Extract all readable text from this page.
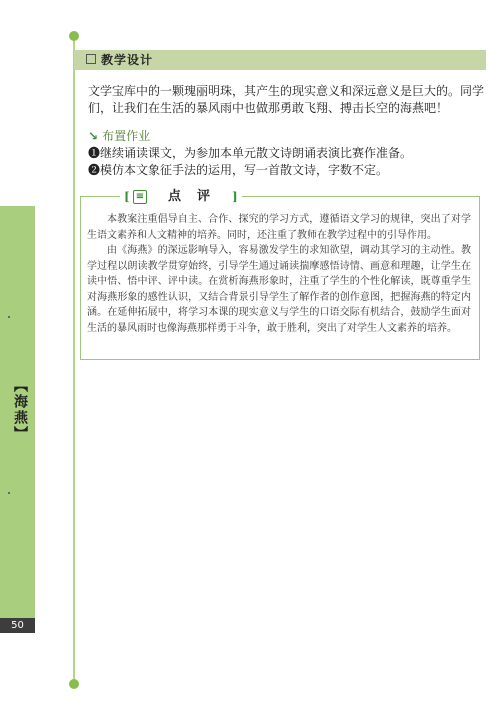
教学设计
文学宝库中的一颗瑰丽明珠，其产生的现实意义和深远意义是巨大的。同学们，让我们在生活的暴风雨中也做那勇敢飞翔、搏击长空的海燕吧！
↘ 布置作业
❶继续诵读课文，为参加本单元散文诗朗诵表演比赛作准备。
❷模仿本文象征手法的运用，写一首散文诗，字数不定。
[ ≡ 点评 ]

本教案注重倡导自主、合作、探究的学习方式，遵循语文学习的规律，突出了对学生语文素养和人文精神的培养。同时，还注重了教师在教学过程中的引导作用。

由《海燕》的深远影响导入，容易激发学生的求知欲望，调动其学习的主动性。教学过程以朗读教学贯穿始终，引导学生通过诵读揣摩感悟诗情、画意和理趣，让学生在读中悟、悟中评、评中读。在赏析海燕形象时，注重了学生的个性化解读，既尊重学生对海燕形象的感性认识，又结合背景引导学生了解作者的创作意图，把握海燕的特定内涵。在延伸拓展中，将学习本课的现实意义与学生的口语交际有机结合，鼓励学生面对生活的暴风雨时也像海燕那样勇于斗争，敢于胜利，突出了对学生人文素养的培养。

【海燕】
50
